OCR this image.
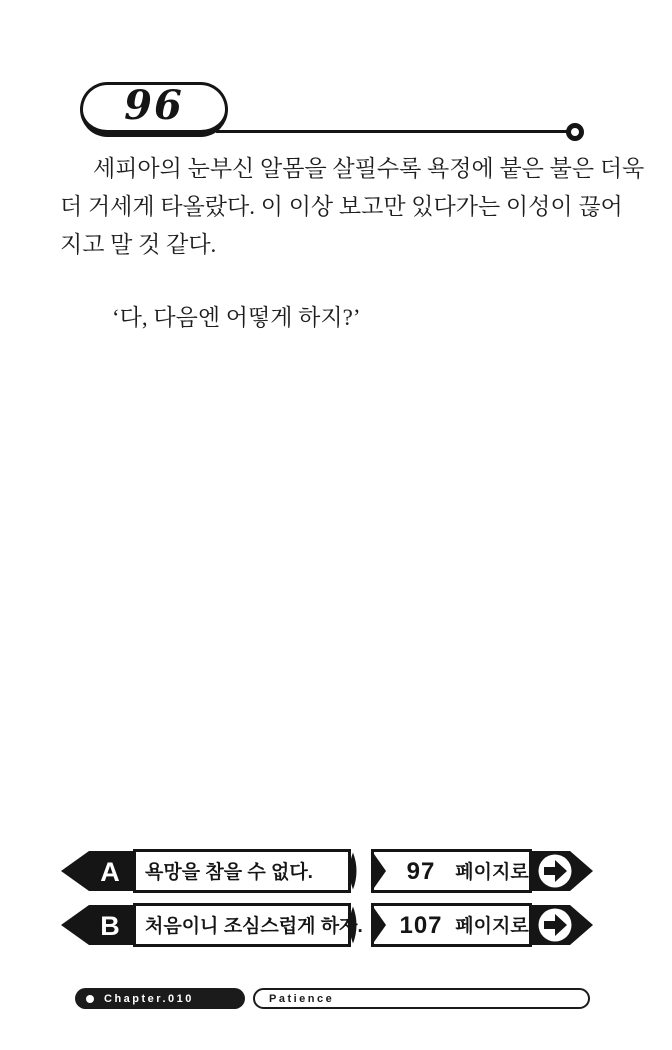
96
세피아의 눈부신 알몸을 살필수록 욕정에 붙은 불은 더욱
더 거세게 타올랐다. 이 이상 보고만 있다가는 이성이 끊어
지고 말 것 같다.
‘다, 다음엔 어떻게 하지?’
A 욕망을 참을 수 없다.	97 페이지로
B 처음이니 조심스럽게 하자. 107 페이지로
Chapter.010	Patience
